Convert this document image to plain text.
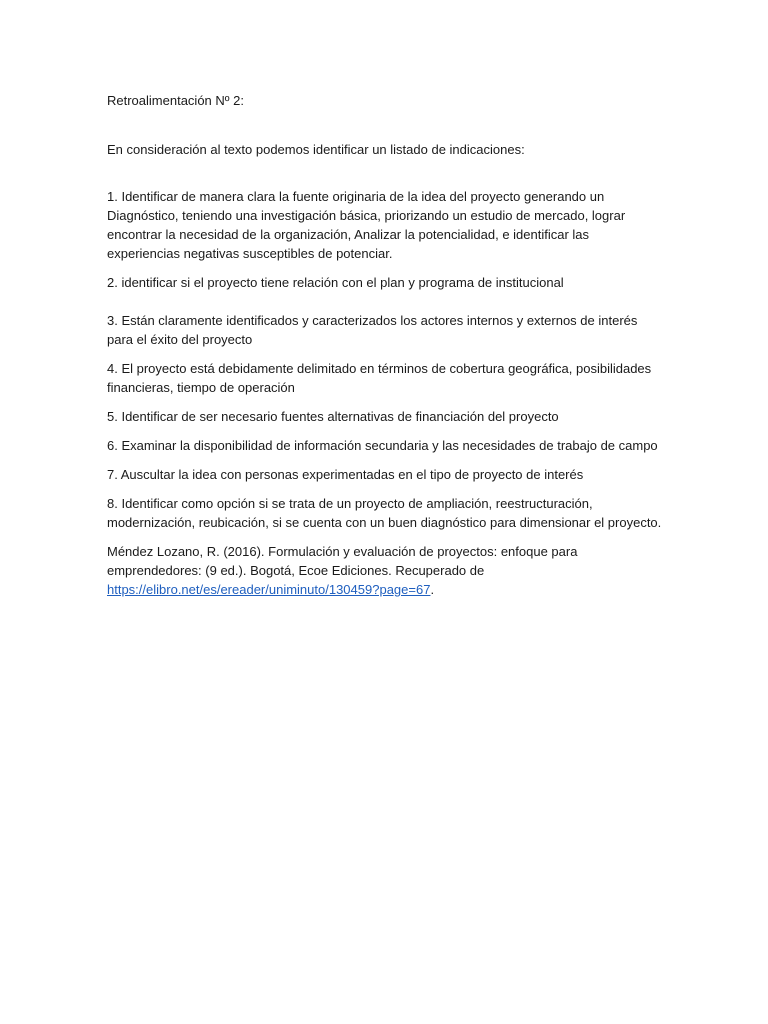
Retroalimentación Nº 2:

En consideración al texto podemos identificar un listado de indicaciones:

1. Identificar de manera clara la fuente originaria de la idea del proyecto generando un Diagnóstico, teniendo una investigación básica, priorizando un estudio de mercado, lograr encontrar la necesidad de la organización, Analizar la potencialidad, e identificar las experiencias negativas susceptibles de potenciar.

2. identificar si el proyecto tiene relación con el plan y programa de institucional

3. Están claramente identificados y caracterizados los actores internos y externos de interés para el éxito del proyecto

4. El proyecto está debidamente delimitado en términos de cobertura geográfica, posibilidades financieras, tiempo de operación

5. Identificar de ser necesario fuentes alternativas de financiación del proyecto

6. Examinar la disponibilidad de información secundaria y las necesidades de trabajo de campo

7. Auscultar la idea con personas experimentadas en el tipo de proyecto de interés

8. Identificar como opción si se trata de un proyecto de ampliación, reestructuración, modernización, reubicación, si se cuenta con un buen diagnóstico para dimensionar el proyecto.

Méndez Lozano, R. (2016). Formulación y evaluación de proyectos: enfoque para emprendedores: (9 ed.). Bogotá, Ecoe Ediciones. Recuperado de https://elibro.net/es/ereader/uniminuto/130459?page=67.
